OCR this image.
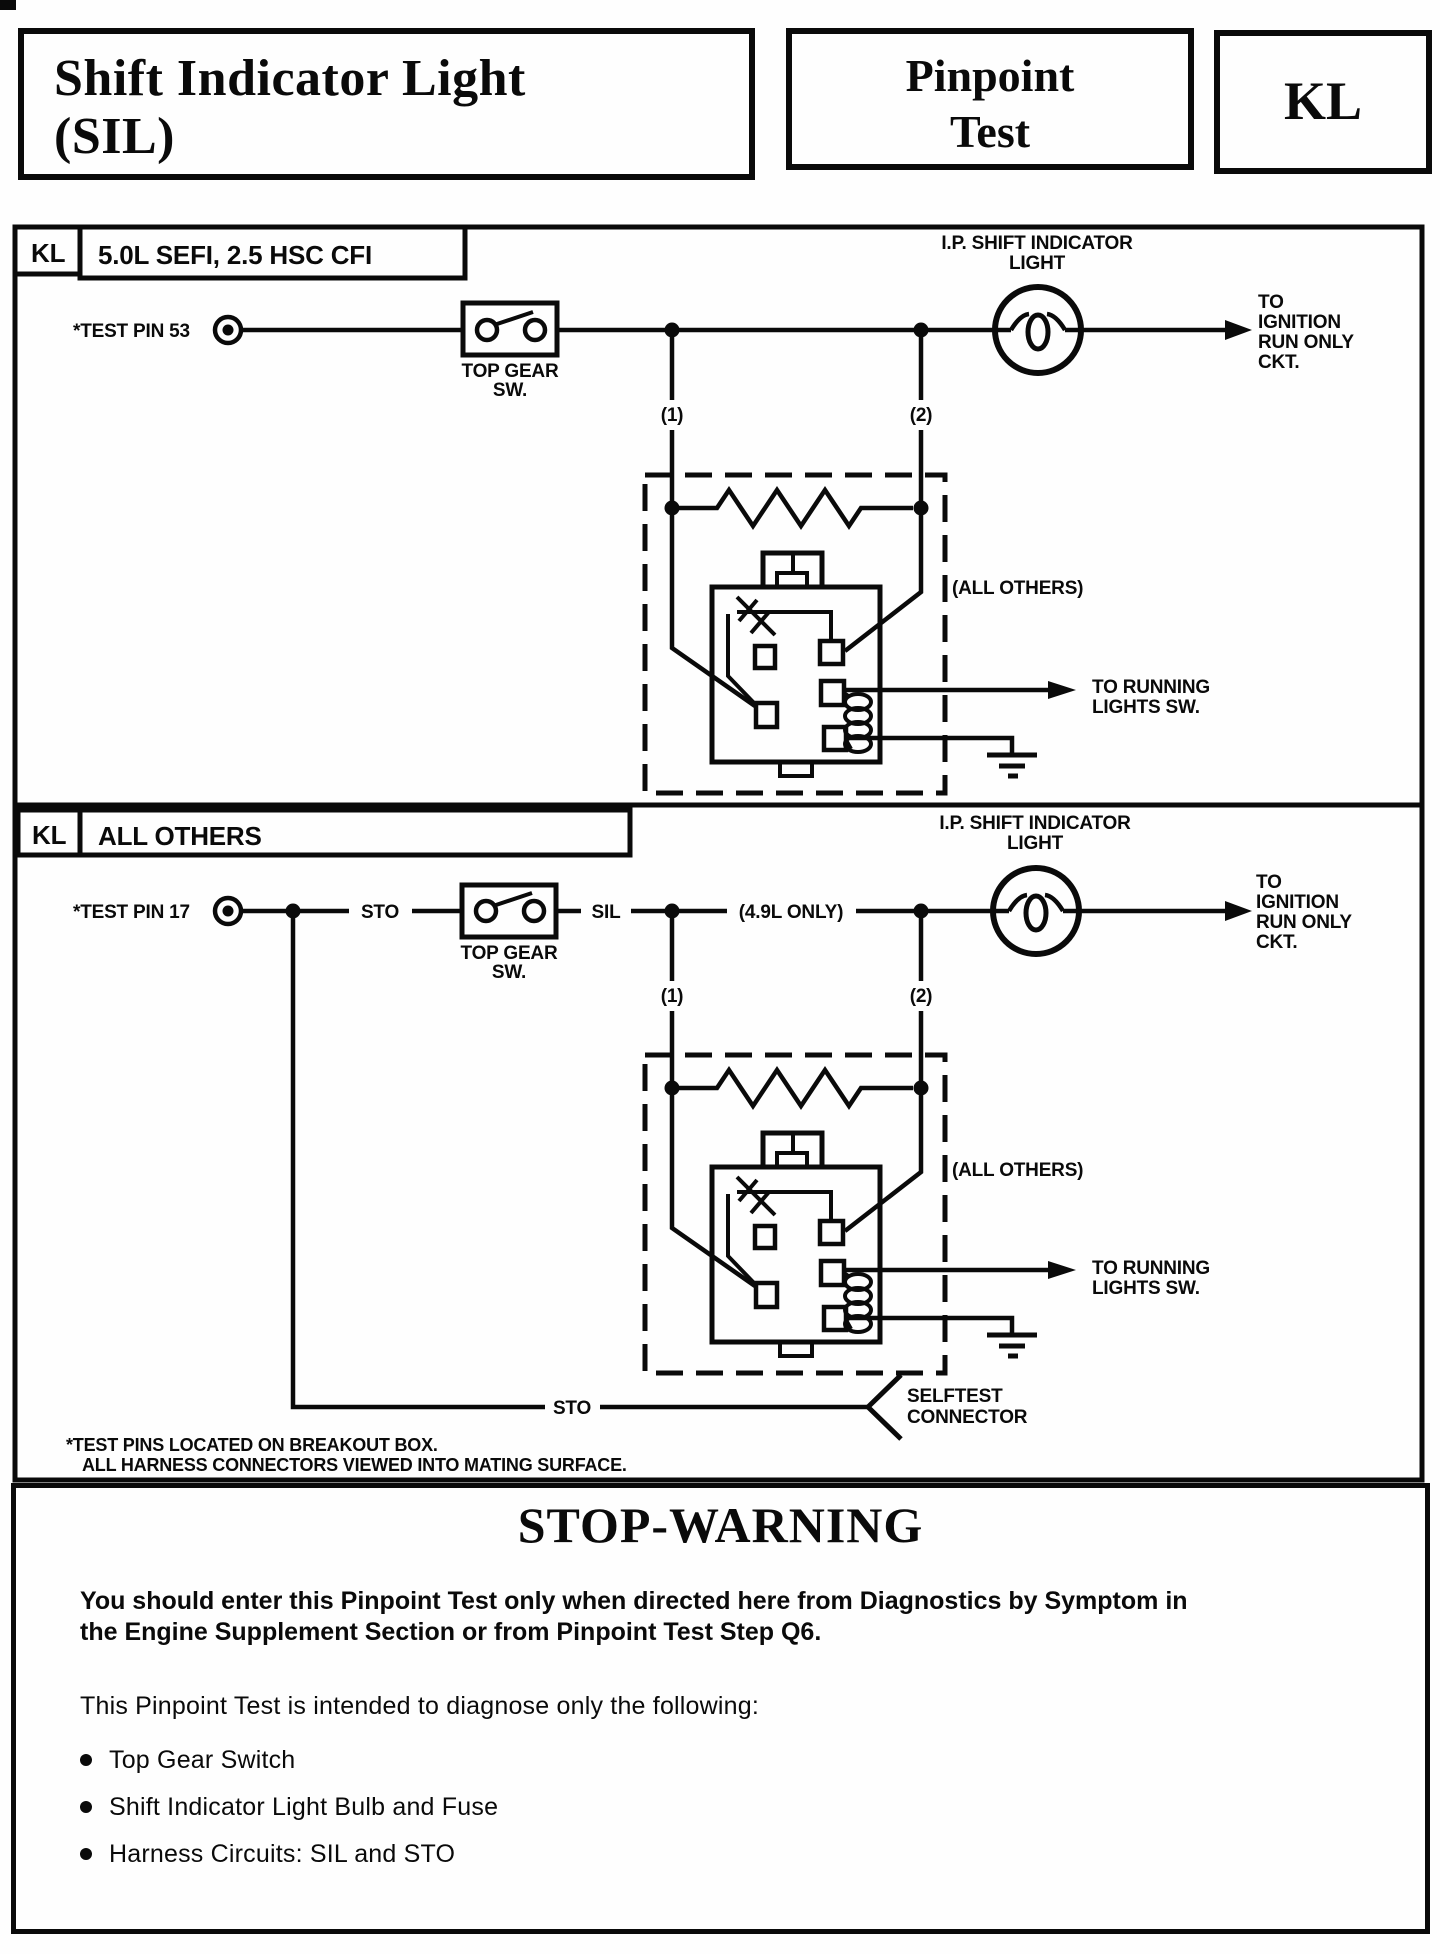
Shift Indicator Light
(SIL)
Pinpoint
Test
KL
KL 5.0L SEFI, 2.5 HSC CFI
*TEST PIN 53
TOP GEAR
SW.
(1)	(2)
I.P. SHIFT INDICATOR
LIGHT
TO
IGNITION
RUN ONLY
CKT.
(ALL OTHERS)
TO RUNNING
LIGHTS SW.
KL ALL OTHERS
*TEST PIN 17	STO	SIL	(4.9L ONLY)
TOP GEAR
SW.
(1)	(2)
I.P. SHIFT INDICATOR
LIGHT
TO
IGNITION
RUN ONLY
CKT.
(ALL OTHERS)
TO RUNNING
LIGHTS SW.
STO
SELFTEST
CONNECTOR
*TEST PINS LOCATED ON BREAKOUT BOX.
ALL HARNESS CONNECTORS VIEWED INTO MATING SURFACE.
STOP-WARNING

You should enter this Pinpoint Test only when directed here from Diagnostics by Symptom in
the Engine Supplement Section or from Pinpoint Test Step Q6.

This Pinpoint Test is intended to diagnose only the following:

Top Gear Switch
Shift Indicator Light Bulb and Fuse
Harness Circuits: SIL and STO
